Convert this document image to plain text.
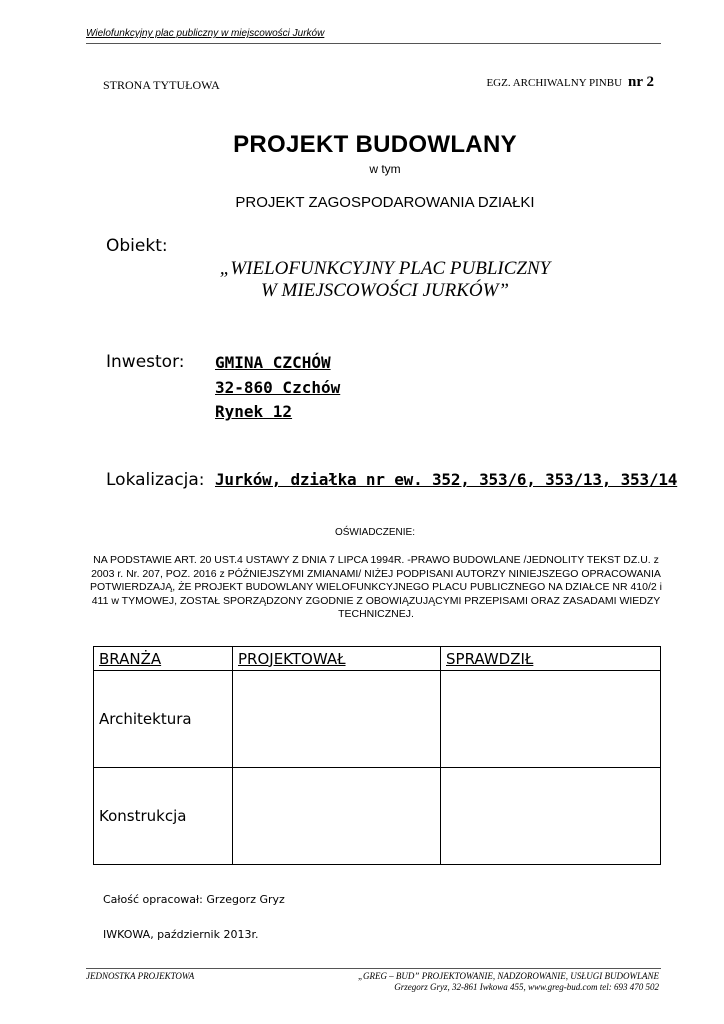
Wielofunkcyjny plac publiczny w miejscowości Jurków
STRONA TYTUŁOWA	EGZ. ARCHIWALNY PINBU nr 2
PROJEKT BUDOWLANY
w tym
PROJEKT ZAGOSPODAROWANIA DZIAŁKI
Obiekt:
„WIELOFUNKCYJNY PLAC PUBLICZNY
W MIEJSCOWOŚCI JURKÓW”
Inwestor: GMINA CZCHÓW
32-860 Czchów
Rynek 12
Lokalizacja: Jurków, działka nr ew. 352, 353/6, 353/13, 353/14
OŚWIADCZENIE:
NA PODSTAWIE ART. 20 UST.4 USTAWY Z DNIA 7 LIPCA 1994R. -PRAWO BUDOWLANE /JEDNOLITY TEKST DZ.U. z 2003 r. Nr. 207, POZ. 2016 z PÓŹNIEJSZYMI ZMIANAMI/ NIŻEJ PODPISANI AUTORZY NINIEJSZEGO OPRACOWANIA POTWIERDZAJĄ, ŻE PROJEKT BUDOWLANY WIELOFUNKCYJNEGO PLACU PUBLICZNEGO NA DZIAŁCE NR 410/2 i 411 w TYMOWEJ, ZOSTAŁ SPORZĄDZONY ZGODNIE Z OBOWIĄZUJĄCYMI PRZEPISAMI ORAZ ZASADAMI WIEDZY TECHNICZNEJ.
BRANŻA	PROJEKTOWAŁ	SPRAWDZIŁ
Architektura		
Konstrukcja		
Całość opracował: Grzegorz Gryz
IWKOWA, październik 2013r.
JEDNOSTKA PROJEKTOWA	„GREG – BUD” PROJEKTOWANIE, NADZOROWANIE, USŁUGI BUDOWLANE
Grzegorz Gryz, 32-861 Iwkowa 455, www.greg-bud.com tel: 693 470 502
